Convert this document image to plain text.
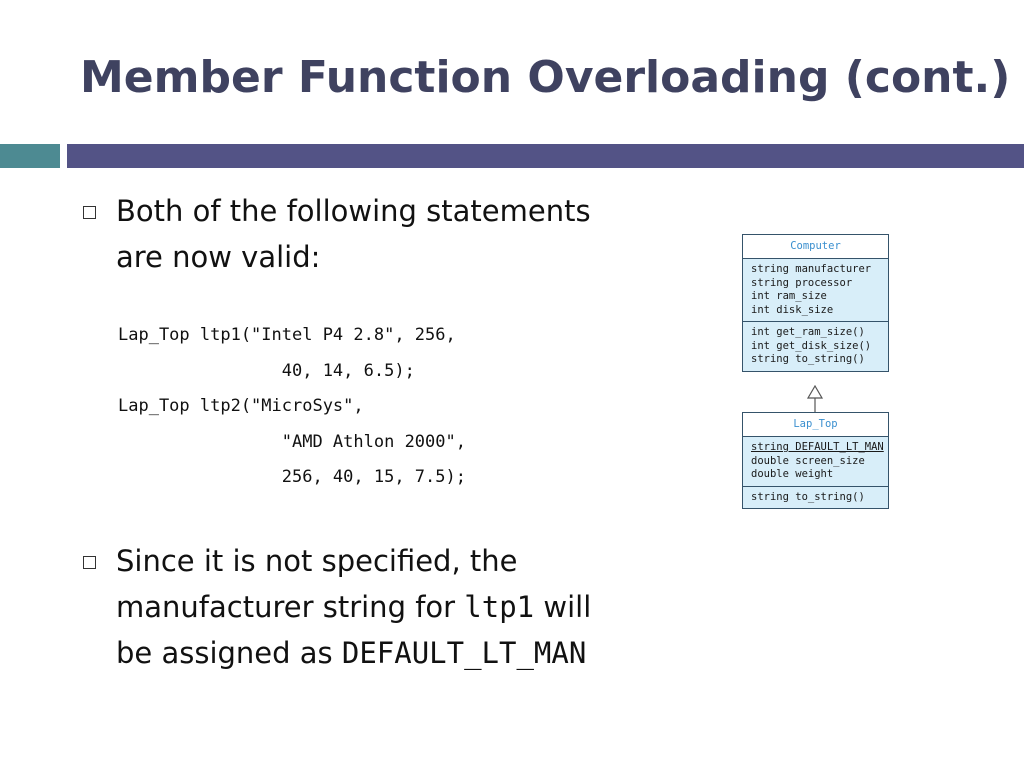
Member Function Overloading (cont.)
Both of the following statements
are now valid:
Lap_Top ltp1("Intel P4 2.8", 256,
40, 14, 6.5);
Lap_Top ltp2("MicroSys",
"AMD Athlon 2000",
256, 40, 15, 7.5);
Since it is not specified, the
manufacturer string for ltp1 will
be assigned as DEFAULT_LT_MAN
Computer
string manufacturer
string processor
int ram_size
int disk_size
int get_ram_size()
int get_disk_size()
string to_string()
Lap_Top
string DEFAULT_LT_MAN
double screen_size
double weight
string to_string()
